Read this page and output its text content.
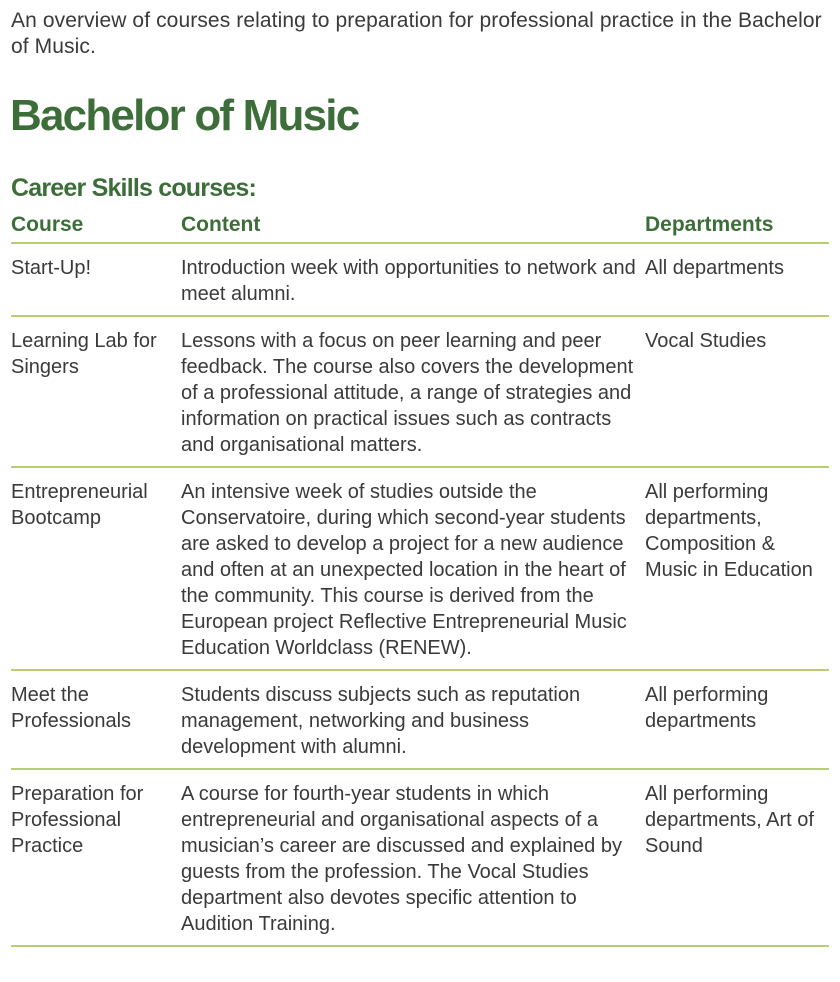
An overview of courses relating to preparation for professional practice in the Bachelor of Music.

Bachelor of Music
Career Skills courses:
Course	Content	Departments
Start-Up!	Introduction week with opportunities to network and meet alumni.	All departments
Learning Lab for Singers	Lessons with a focus on peer learning and peer feedback. The course also covers the development of a professional attitude, a range of strategies and information on practical issues such as contracts and organisational matters.	Vocal Studies
Entrepreneurial Bootcamp	An intensive week of studies outside the Conservatoire, during which second-year students are asked to develop a project for a new audience and often at an unexpected location in the heart of the community. This course is derived from the European project Reflective Entrepreneurial Music Education Worldclass (RENEW).	All performing departments, Composition & Music in Education
Meet the Professionals	Students discuss subjects such as reputation management, networking and business development with alumni.	All performing departments
Preparation for Professional Practice	A course for fourth-year students in which entrepreneurial and organisational aspects of a musician’s career are discussed and explained by guests from the profession. The Vocal Studies department also devotes specific attention to Audition Training.	All performing departments, Art of Sound
